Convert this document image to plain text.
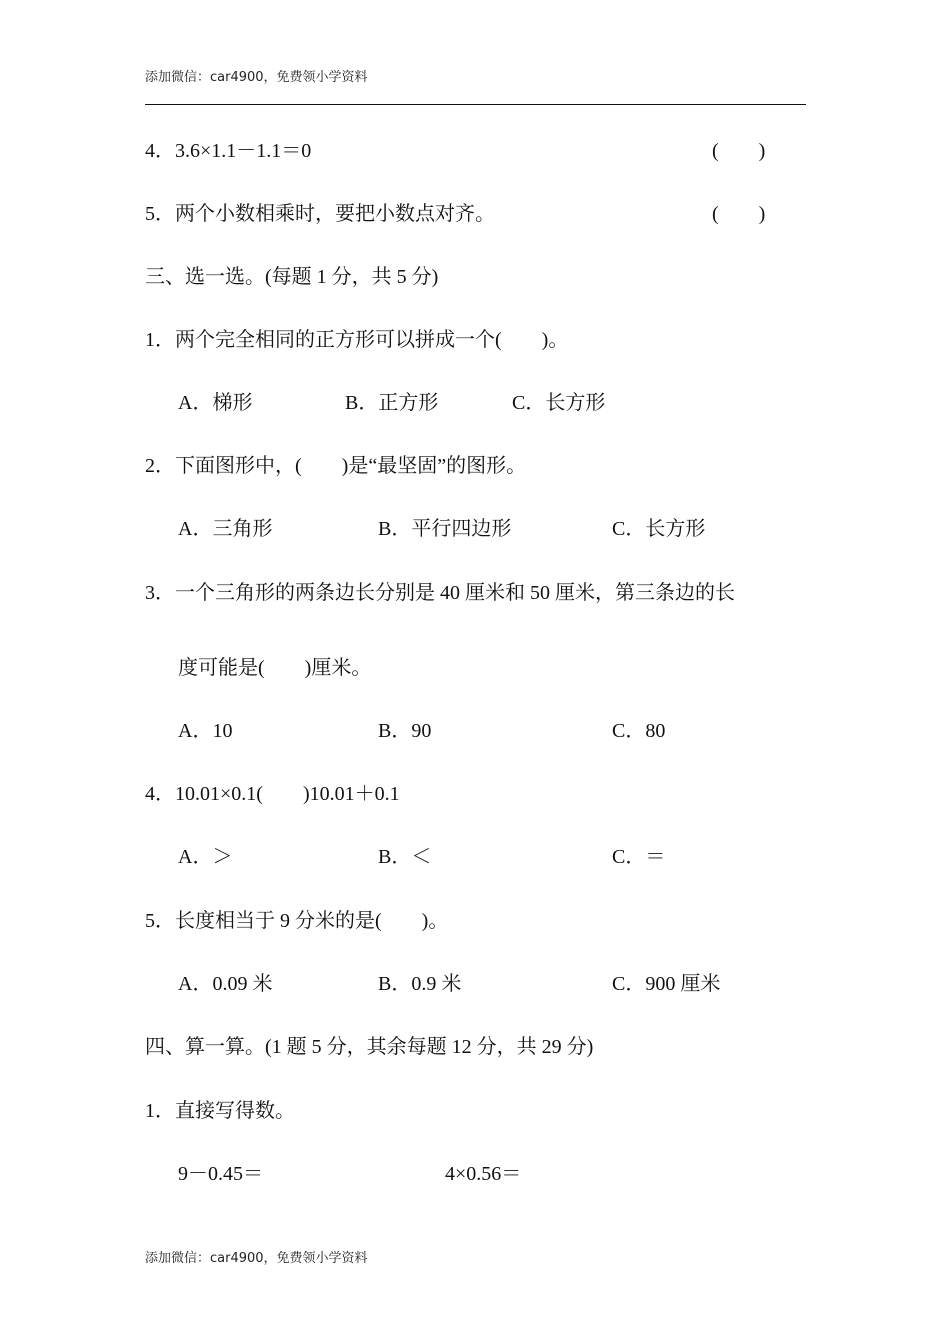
添加微信：car4900，免费领小学资料
4．3.6×1.1－1.1＝0	(　　)
5．两个小数相乘时，要把小数点对齐。	(　　)
三、选一选。(每题 1 分，共 5 分)
1．两个完全相同的正方形可以拼成一个(　　)。
A．梯形	B．正方形	C．长方形
2．下面图形中，(　　)是“最坚固”的图形。
A．三角形	B．平行四边形	C．长方形
3．一个三角形的两条边长分别是 40 厘米和 50 厘米，第三条边的长
度可能是(　　)厘米。
A．10	B．90	C．80
4．10.01×0.1(　　)10.01＋0.1
A．＞	B．＜	C．＝
5．长度相当于 9 分米的是(　　)。
A．0.09 米	B．0.9 米	C．900 厘米
四、算一算。(1 题 5 分，其余每题 12 分，共 29 分)
1．直接写得数。
9－0.45＝	4×0.56＝
添加微信：car4900，免费领小学资料
